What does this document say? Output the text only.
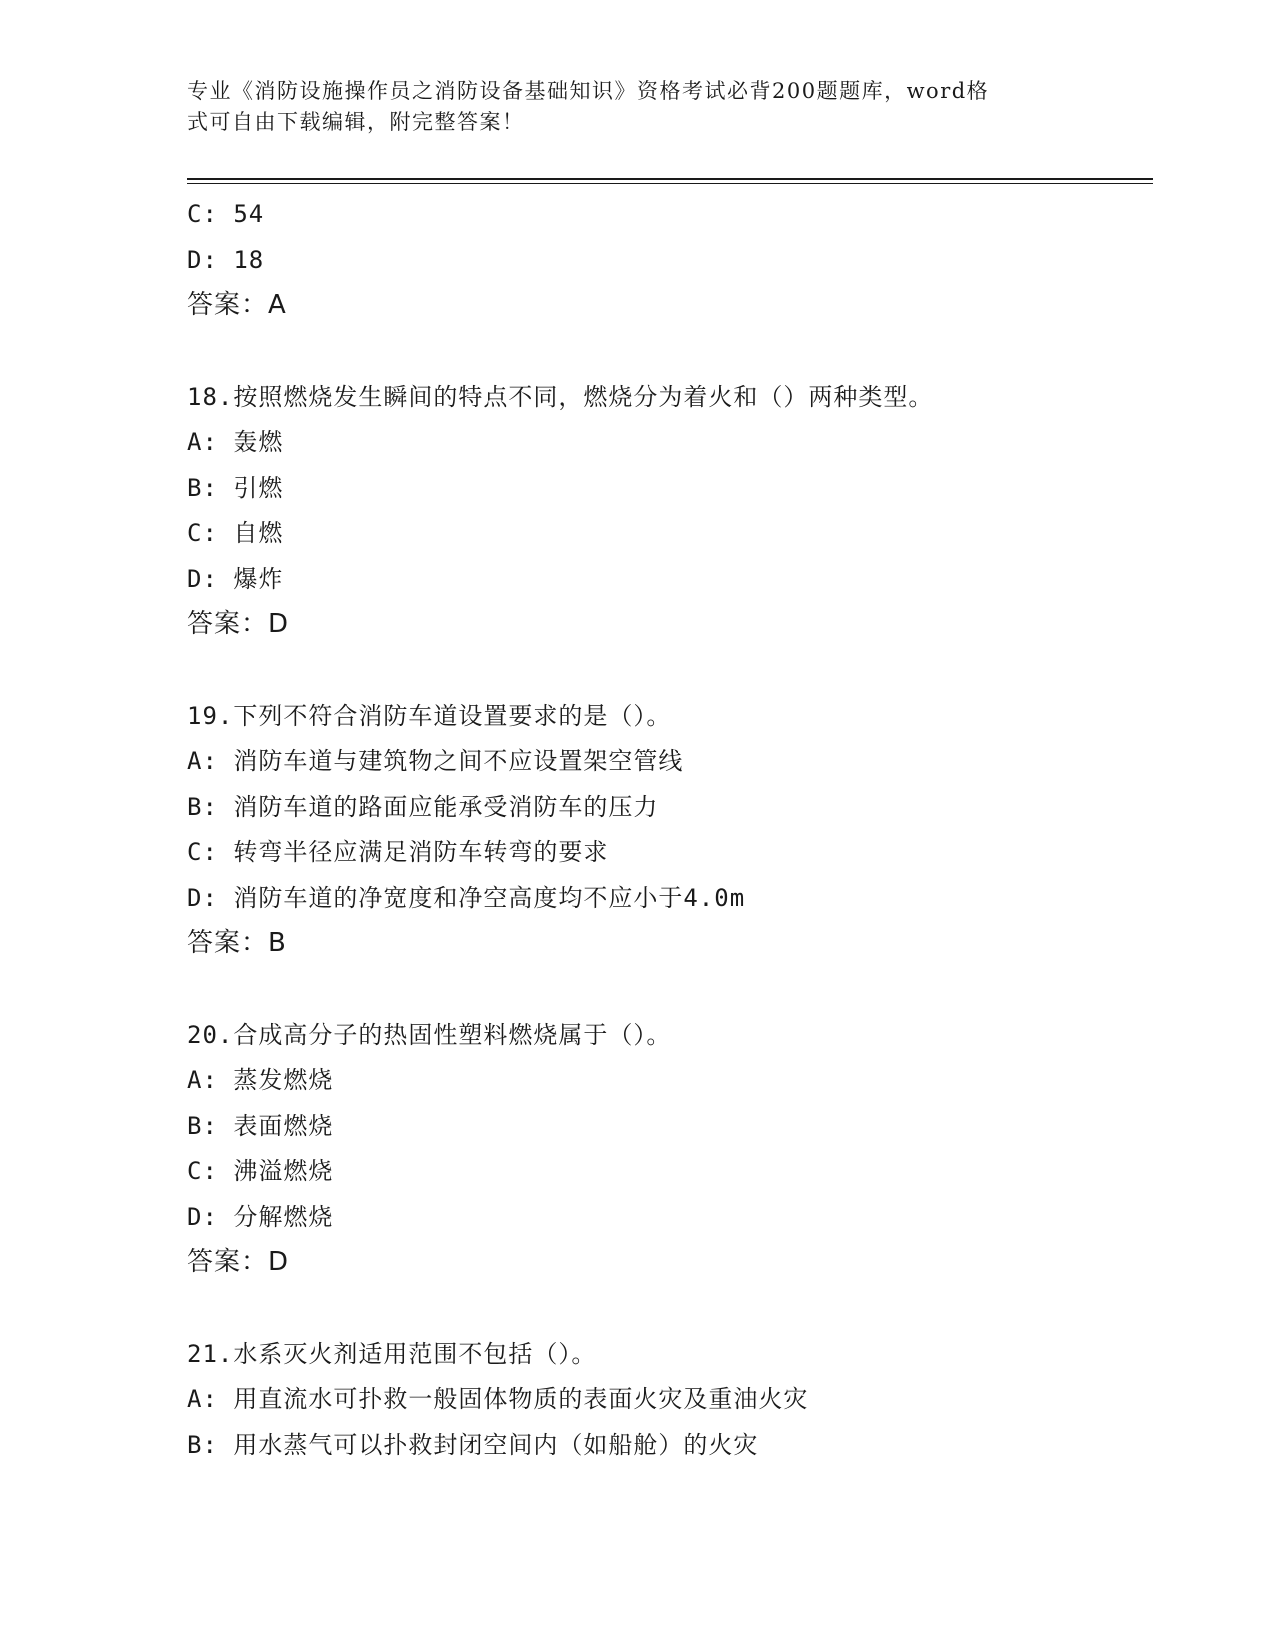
专业《消防设施操作员之消防设备基础知识》资格考试必背200题题库，word格
式可自由下载编辑，附完整答案！
C: 54
D: 18
答案：A
18.按照燃烧发生瞬间的特点不同，燃烧分为着火和（）两种类型。
A: 轰燃
B: 引燃
C: 自燃
D: 爆炸
答案：D
19.下列不符合消防车道设置要求的是（）。
A: 消防车道与建筑物之间不应设置架空管线
B: 消防车道的路面应能承受消防车的压力
C: 转弯半径应满足消防车转弯的要求
D: 消防车道的净宽度和净空高度均不应小于4.0m
答案：B
20.合成高分子的热固性塑料燃烧属于（）。
A: 蒸发燃烧
B: 表面燃烧
C: 沸溢燃烧
D: 分解燃烧
答案：D
21.水系灭火剂适用范围不包括（）。
A: 用直流水可扑救一般固体物质的表面火灾及重油火灾
B: 用水蒸气可以扑救封闭空间内（如船舱）的火灾
